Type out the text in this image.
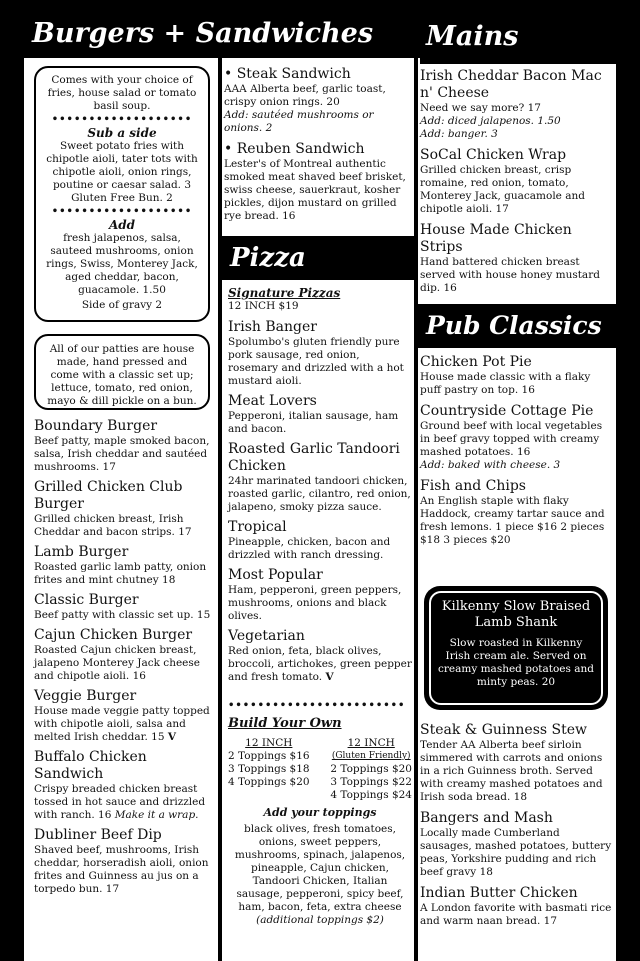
Burgers + Sandwiches	Mains
Comes with your choice of fries, house salad or tomato basil soup.
•••••••••••••••••••
Sub a side
Sweet potato fries with chipotle aioli, tater tots with chipotle aioli, onion rings, poutine or caesar salad. 3 Gluten Free Bun. 2
•••••••••••••••••••
Add
fresh jalapenos, salsa, sauteed mushrooms, onion rings, Swiss, Monterey Jack, aged cheddar, bacon, guacamole. 1.50
Side of gravy 2
All of our patties are house made, hand pressed and come with a classic set up; lettuce, tomato, red onion, mayo & dill pickle on a bun.
Boundary Burger
Beef patty, maple smoked bacon, salsa, Irish cheddar and sautéed mushrooms. 17
Grilled Chicken Club Burger
Grilled chicken breast, Irish Cheddar and bacon strips. 17
Lamb Burger
Roasted garlic lamb patty, onion frites and mint chutney 18
Classic Burger
Beef patty with classic set up. 15
Cajun Chicken Burger
Roasted Cajun chicken breast, jalapeno Monterey Jack cheese and chipotle aioli. 16
Veggie Burger
House made veggie patty topped with chipotle aioli, salsa and melted Irish cheddar. 15 V
Buffalo Chicken Sandwich
Crispy breaded chicken breast tossed in hot sauce and drizzled with ranch. 16 Make it a wrap.
Dubliner Beef Dip
Shaved beef, mushrooms, Irish cheddar, horseradish aioli, onion frites and Guinness au jus on a torpedo bun. 17
• Steak Sandwich
AAA Alberta beef, garlic toast, crispy onion rings. 20
Add: sautéed mushrooms or onions. 2
• Reuben Sandwich
Lester's of Montreal authentic smoked meat shaved beef brisket, swiss cheese, sauerkraut, kosher pickles, dijon mustard on grilled rye bread. 16
Pizza
Signature Pizzas
12 INCH $19
Irish Banger
Spolumbo's gluten friendly pure pork sausage, red onion, rosemary and drizzled with a hot mustard aioli.
Meat Lovers
Pepperoni, italian sausage, ham and bacon.
Roasted Garlic Tandoori Chicken
24hr marinated tandoori chicken, roasted garlic, cilantro, red onion, jalapeno, smoky pizza sauce.
Tropical
Pineapple, chicken, bacon and drizzled with ranch dressing.
Most Popular
Ham, pepperoni, green peppers, mushrooms, onions and black olives.
Vegetarian
Red onion, feta, black olives, broccoli, artichokes, green pepper and fresh tomato. V
••••••••••••••••••••••••
Build Your Own
12 INCH
2 Toppings $16
3 Toppings $18
4 Toppings $20
12 INCH
(Gluten Friendly)
2 Toppings $20
3 Toppings $22
4 Toppings $24
Add your toppings
black olives, fresh tomatoes, onions, sweet peppers, mushrooms, spinach, jalapenos, pineapple, Cajun chicken, Tandoori Chicken, Italian sausage, pepperoni, spicy beef, ham, bacon, feta, extra cheese
(additional toppings $2)
Irish Cheddar Bacon Mac n' Cheese
Need we say more? 17
Add: diced jalapenos. 1.50
Add: banger. 3
SoCal Chicken Wrap
Grilled chicken breast, crisp romaine, red onion, tomato, Monterey Jack, guacamole and chipotle aioli. 17
House Made Chicken Strips
Hand battered chicken breast served with house honey mustard dip. 16
Pub Classics
Chicken Pot Pie
House made classic with a flaky puff pastry on top. 16
Countryside Cottage Pie
Ground beef with local vegetables in beef gravy topped with creamy mashed potatoes. 16
Add: baked with cheese. 3
Fish and Chips
An English staple with flaky Haddock, creamy tartar sauce and fresh lemons. 1 piece $16 2 pieces $18 3 pieces $20
Kilkenny Slow Braised Lamb Shank
Slow roasted in Kilkenny Irish cream ale. Served on creamy mashed potatoes and minty peas. 20
Steak & Guinness Stew
Tender AA Alberta beef sirloin simmered with carrots and onions in a rich Guinness broth. Served with creamy mashed potatoes and Irish soda bread. 18
Bangers and Mash
Locally made Cumberland sausages, mashed potatoes, buttery peas, Yorkshire pudding and rich beef gravy 18
Indian Butter Chicken
A London favorite with basmati rice and warm naan bread. 17
